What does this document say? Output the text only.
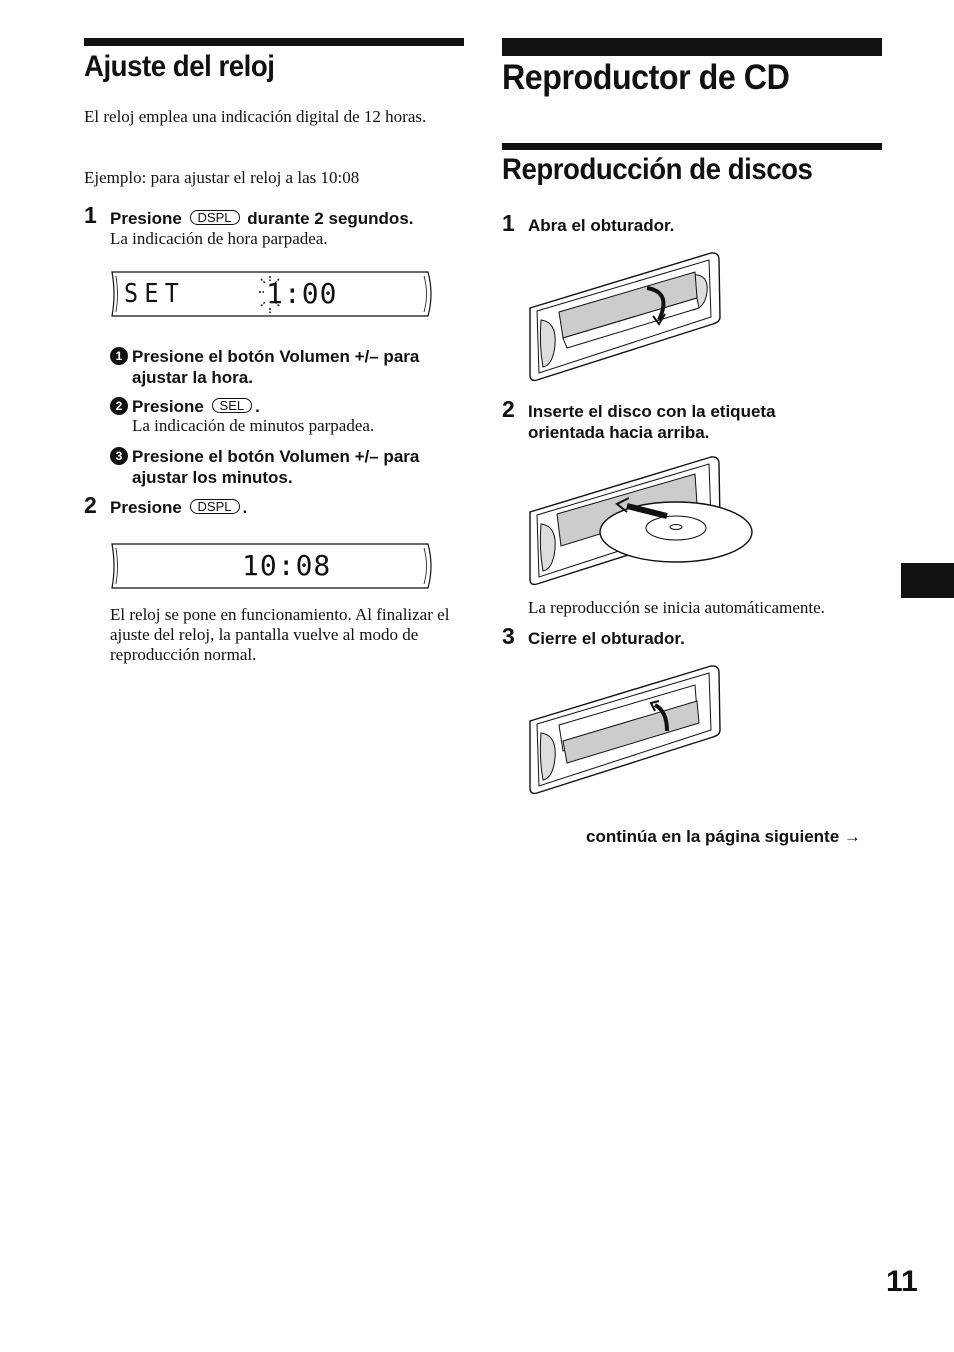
Ajuste del reloj
El reloj emplea una indicación digital de 12 horas.
Ejemplo: para ajustar el reloj a las 10:08
1 Presione DSPL durante 2 segundos.
La indicación de hora parpadea.
SET	1:00
1 Presione el botón Volumen +/– para ajustar la hora.
2 Presione SEL .
La indicación de minutos parpadea.
3 Presione el botón Volumen +/– para ajustar los minutos.
2 Presione DSPL .
10:08
El reloj se pone en funcionamiento. Al finalizar el ajuste del reloj, la pantalla vuelve al modo de reproducción normal.
Reproductor de CD
Reproducción de discos
1 Abra el obturador.
2 Inserte el disco con la etiqueta orientada hacia arriba.
La reproducción se inicia automáticamente.
3 Cierre el obturador.
continúa en la página siguiente →
11
